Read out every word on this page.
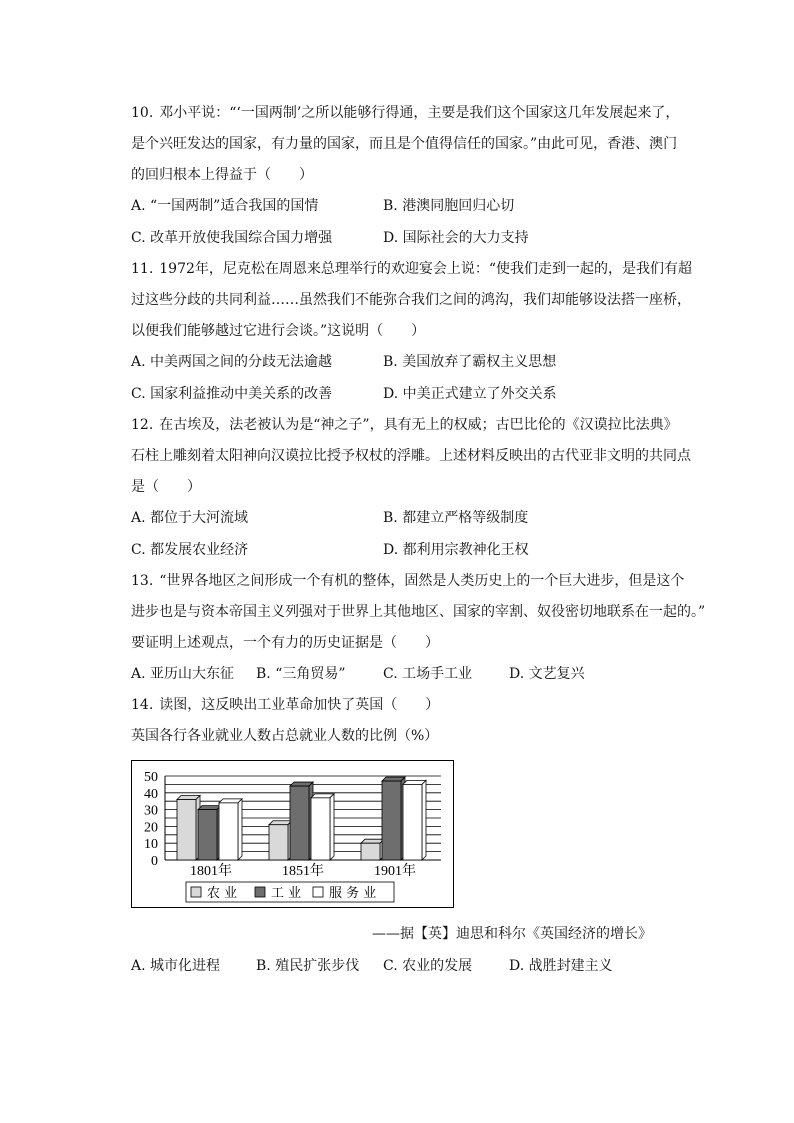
10. 邓小平说：“‘一国两制’之所以能够行得通，主要是我们这个国家这几年发展起来了，
是个兴旺发达的国家，有力量的国家，而且是个值得信任的国家。”由此可见，香港、澳门
的回归根本上得益于（　　）
A. “一国两制”适合我国的国情	B. 港澳同胞回归心切
C. 改革开放使我国综合国力增强	D. 国际社会的大力支持
11. 1972年，尼克松在周恩来总理举行的欢迎宴会上说：“使我们走到一起的，是我们有超
过这些分歧的共同利益……虽然我们不能弥合我们之间的鸿沟，我们却能够设法搭一座桥，
以便我们能够越过它进行会谈。”这说明（　　）
A. 中美两国之间的分歧无法逾越	B. 美国放弃了霸权主义思想
C. 国家利益推动中美关系的改善	D. 中美正式建立了外交关系
12. 在古埃及，法老被认为是“神之子”，具有无上的权威；古巴比伦的《汉谟拉比法典》
石柱上雕刻着太阳神向汉谟拉比授予权杖的浮雕。上述材料反映出的古代亚非文明的共同点
是（　　）
A. 都位于大河流域	B. 都建立严格等级制度
C. 都发展农业经济	D. 都利用宗教神化王权
13. “世界各地区之间形成一个有机的整体，固然是人类历史上的一个巨大进步，但是这个
进步也是与资本帝国主义列强对于世界上其他地区、国家的宰割、奴役密切地联系在一起的。”
要证明上述观点，一个有力的历史证据是（　　）
A. 亚历山大东征 B. “三角贸易”	C. 工场手工业	D. 文艺复兴
14. 读图，这反映出工业革命加快了英国（　　）
英国各行各业就业人数占总就业人数的比例（%）
0
10
20
30
40
50
1801年	1851年	1901年
农 业	工 业 服 务 业
——据【英】迪思和科尔《英国经济的增长》
A. 城市化进程	B. 殖民扩张步伐 C. 农业的发展	D. 战胜封建主义
